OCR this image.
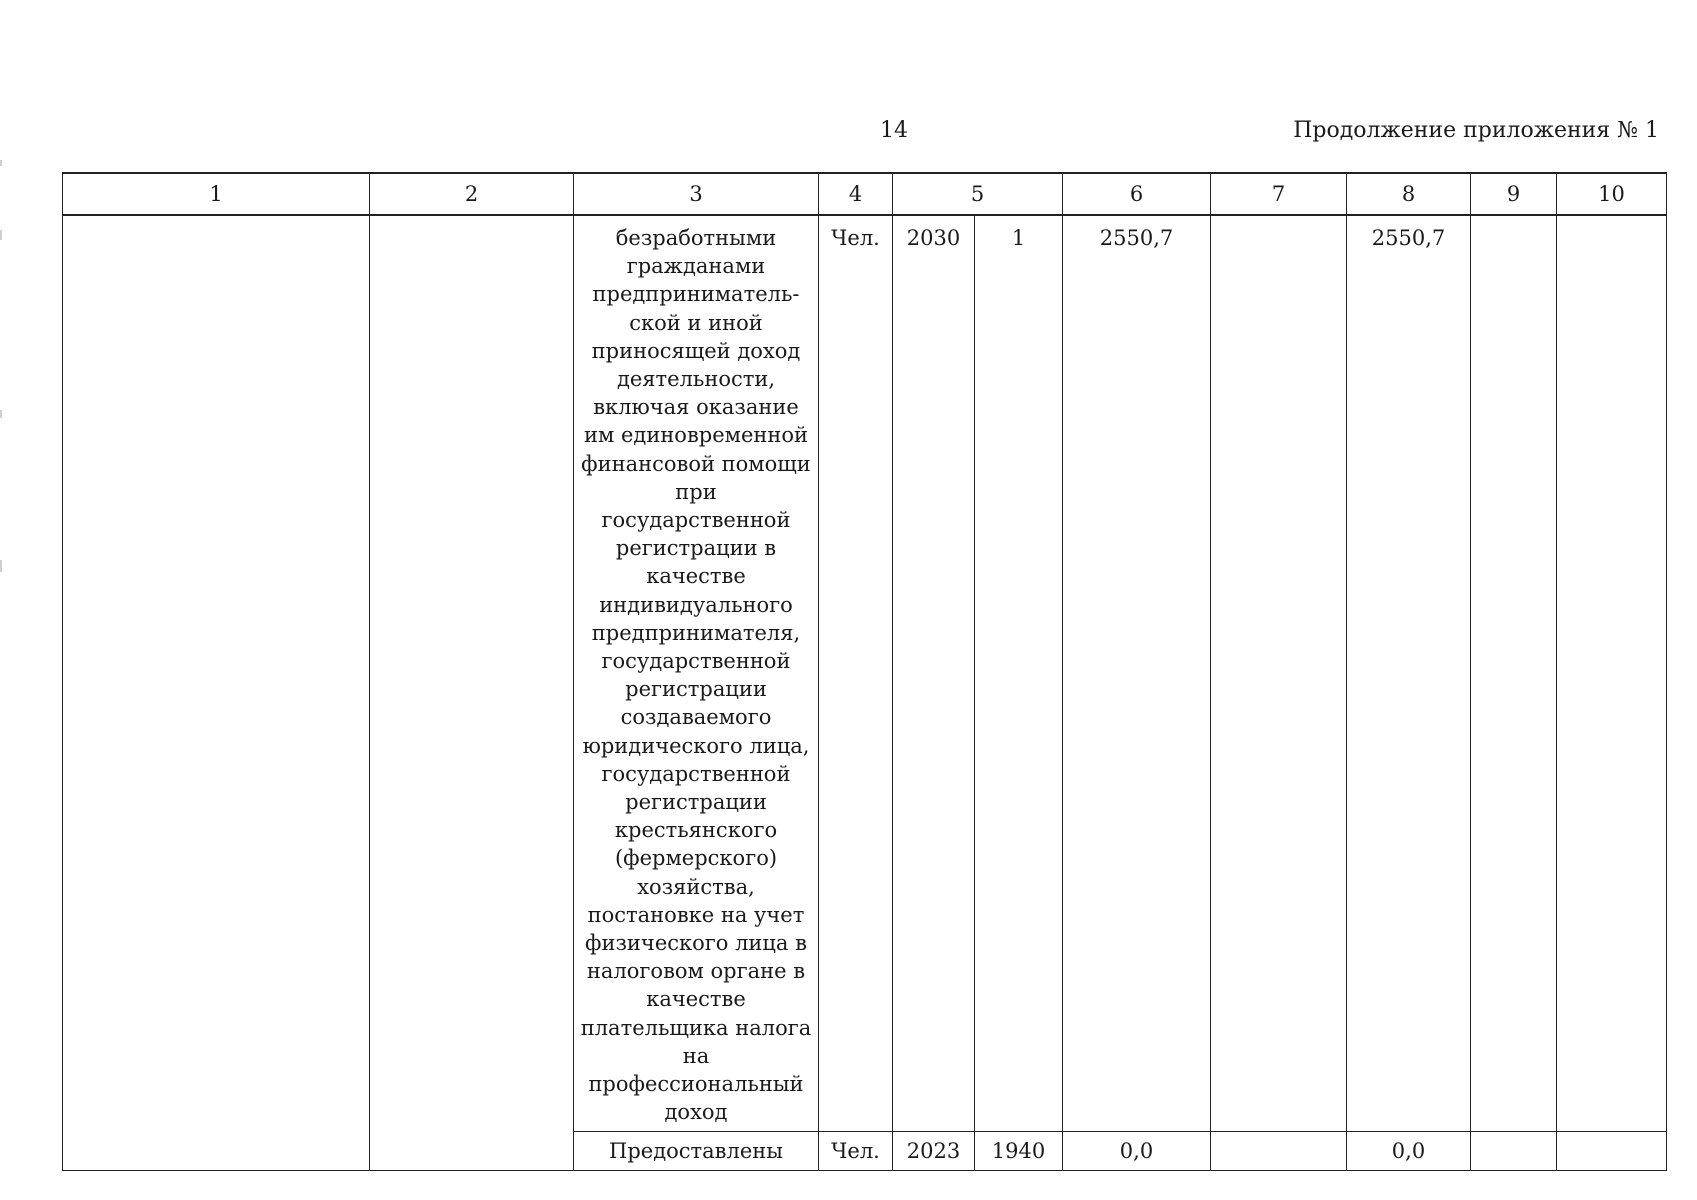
14	Продолжение приложения № 1
1	2	3	4	5		6	7	8	9	10
		безработными гражданами предприниматель-ской и иной приносящей доход деятельности, включая оказание им единовременной финансовой помощи при государственной регистрации в качестве индивидуального предпринимателя, государственной регистрации создаваемого юридического лица, государственной регистрации крестьянского (фермерского) хозяйства, постановке на учет физического лица в налоговом органе в качестве плательщика налога на профессиональный доход	Чел.	2030	1	2550,7		2550,7		
		Предоставлены	Чел.	2023	1940	0,0		0,0		
